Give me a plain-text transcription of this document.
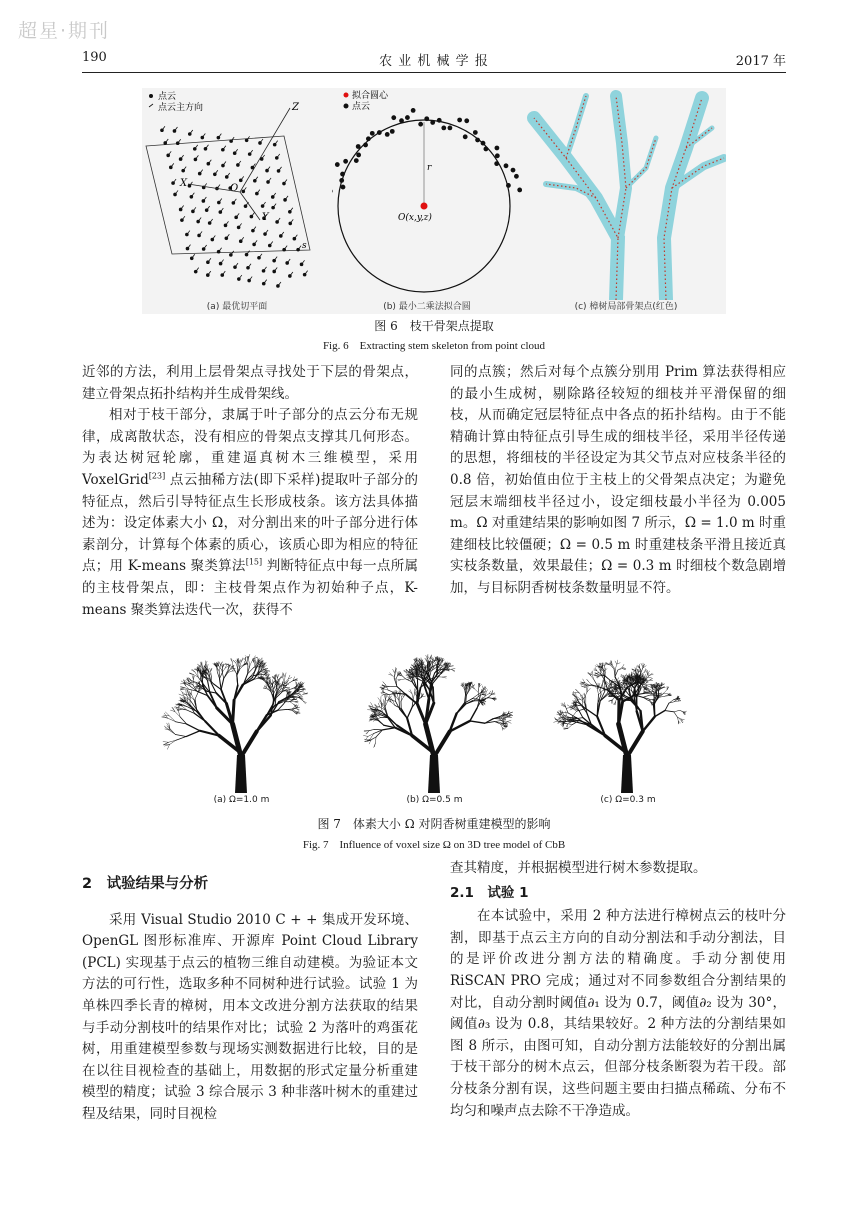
超星·期刊
190	农 业 机 械 学 报	2017 年
点云
点云主方向	Z
X
Y
O
s
(a) 最优切平面
拟合圆心
点云
r
O(x,y,z)
(b) 最小二乘法拟合圆	(c) 樟树局部骨架点(红色)
图 6　枝干骨架点提取
Fig. 6　Extracting stem skeleton from point cloud

近邻的方法，利用上层骨架点寻找处于下层的骨架点，建立骨架点拓扑结构并生成骨架线。

相对于枝干部分，隶属于叶子部分的点云分布无规律，成离散状态，没有相应的骨架点支撑其几何形态。为表达树冠轮廓，重建逼真树木三维模型，采用 VoxelGrid[23] 点云抽稀方法(即下采样)提取叶子部分的特征点，然后引导特征点生长形成枝条。该方法具体描述为：设定体素大小 Ω，对分割出来的叶子部分进行体素剖分，计算每个体素的质心，该质心即为相应的特征点；用 K-means 聚类算法[15] 判断特征点中每一点所属的主枝骨架点，即：主枝骨架点作为初始种子点，K-means 聚类算法迭代一次，获得不

同的点簇；然后对每个点簇分别用 Prim 算法获得相应的最小生成树，剔除路径较短的细枝并平滑保留的细枝，从而确定冠层特征点中各点的拓扑结构。由于不能精确计算由特征点引导生成的细枝半径，采用半径传递的思想，将细枝的半径设定为其父节点对应枝条半径的 0.8 倍，初始值由位于主枝上的父骨架点决定；为避免冠层末端细枝半径过小，设定细枝最小半径为 0.005 m。Ω 对重建结果的影响如图 7 所示，Ω = 1.0 m 时重建细枝比较僵硬；Ω = 0.5 m 时重建枝条平滑且接近真实枝条数量，效果最佳；Ω = 0.3 m 时细枝个数急剧增加，与目标阴香树枝条数量明显不符。

(a) Ω=1.0 m	(b) Ω=0.5 m	(c) Ω=0.3 m
图 7　体素大小 Ω 对阴香树重建模型的影响
Fig. 7　Influence of voxel size Ω on 3D tree model of CbB
2　试验结果与分析

采用 Visual Studio 2010 C + + 集成开发环境、OpenGL 图形标准库、开源库 Point Cloud Library (PCL) 实现基于点云的植物三维自动建模。为验证本文方法的可行性，选取多种不同树种进行试验。试验 1 为单株四季长青的樟树，用本文改进分割方法获取的结果与手动分割枝叶的结果作对比；试验 2 为落叶的鸡蛋花树，用重建模型参数与现场实测数据进行比较，目的是在以往目视检查的基础上，用数据的形式定量分析重建模型的精度；试验 3 综合展示 3 种非落叶树木的重建过程及结果，同时目视检

查其精度，并根据模型进行树木参数提取。

2.1　试验 1

在本试验中，采用 2 种方法进行樟树点云的枝叶分割，即基于点云主方向的自动分割法和手动分割法，目的是评价改进分割方法的精确度。手动分割使用 RiSCAN PRO 完成；通过对不同参数组合分割结果的对比，自动分割时阈值∂₁ 设为 0.7，阈值∂₂ 设为 30°，阈值∂₃ 设为 0.8，其结果较好。2 种方法的分割结果如图 8 所示，由图可知，自动分割方法能较好的分割出属于枝干部分的树木点云，但部分枝条断裂为若干段。部分枝条分割有误，这些问题主要由扫描点稀疏、分布不均匀和噪声点去除不干净造成。
